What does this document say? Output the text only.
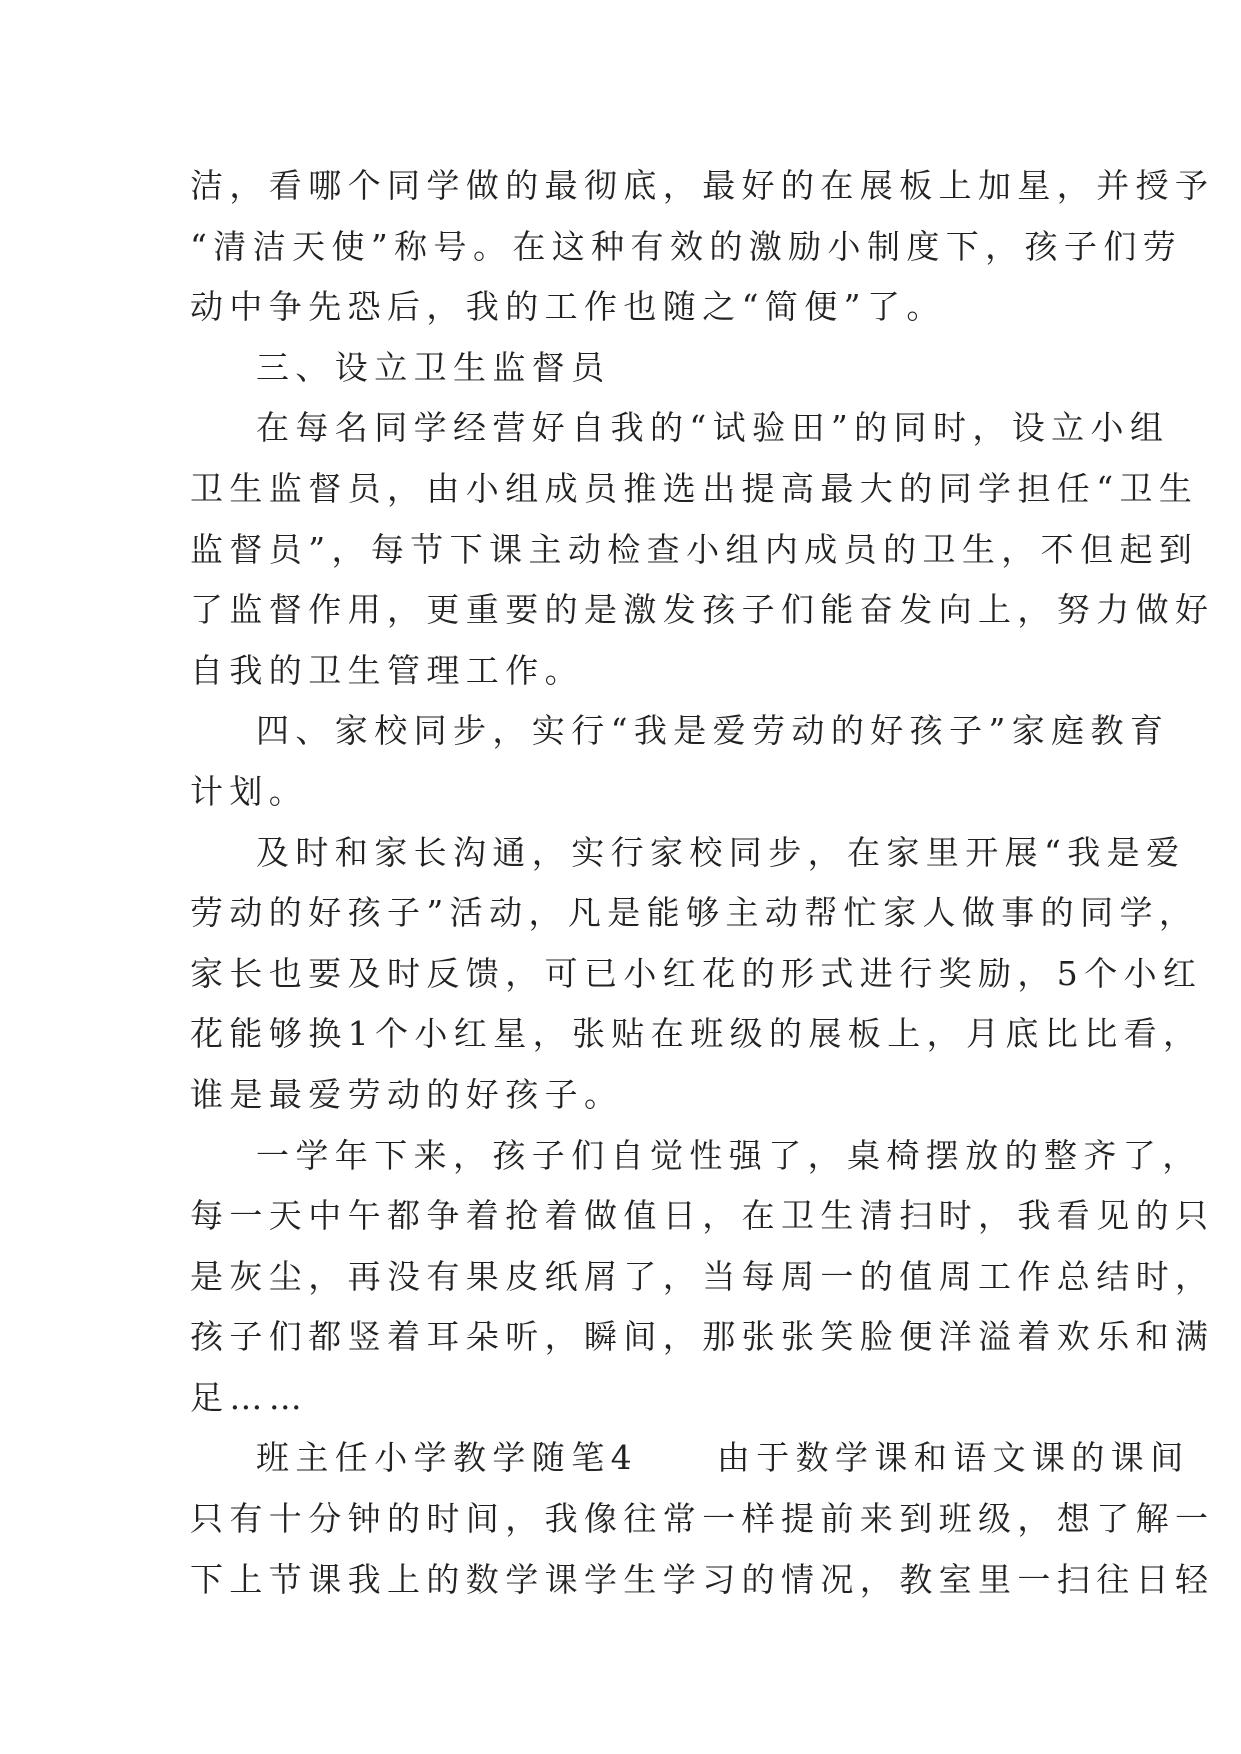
洁，看哪个同学做的最彻底，最好的在展板上加星，并授予
“清洁天使”称号。在这种有效的激励小制度下，孩子们劳
动中争先恐后，我的工作也随之“简便”了。
三、设立卫生监督员
在每名同学经营好自我的“试验田”的同时，设立小组
卫生监督员，由小组成员推选出提高最大的同学担任“卫生
监督员”，每节下课主动检查小组内成员的卫生，不但起到
了监督作用，更重要的是激发孩子们能奋发向上，努力做好
自我的卫生管理工作。
四、家校同步，实行“我是爱劳动的好孩子”家庭教育
计划。
及时和家长沟通，实行家校同步，在家里开展“我是爱
劳动的好孩子”活动，凡是能够主动帮忙家人做事的同学，
家长也要及时反馈，可已小红花的形式进行奖励，5个小红
花能够换1个小红星，张贴在班级的展板上，月底比比看，
谁是最爱劳动的好孩子。
一学年下来，孩子们自觉性强了，桌椅摆放的整齐了，
每一天中午都争着抢着做值日，在卫生清扫时，我看见的只
是灰尘，再没有果皮纸屑了，当每周一的值周工作总结时，
孩子们都竖着耳朵听，瞬间，那张张笑脸便洋溢着欢乐和满
足……
班主任小学教学随笔4　　由于数学课和语文课的课间
只有十分钟的时间，我像往常一样提前来到班级，想了解一
下上节课我上的数学课学生学习的情况，教室里一扫往日轻
